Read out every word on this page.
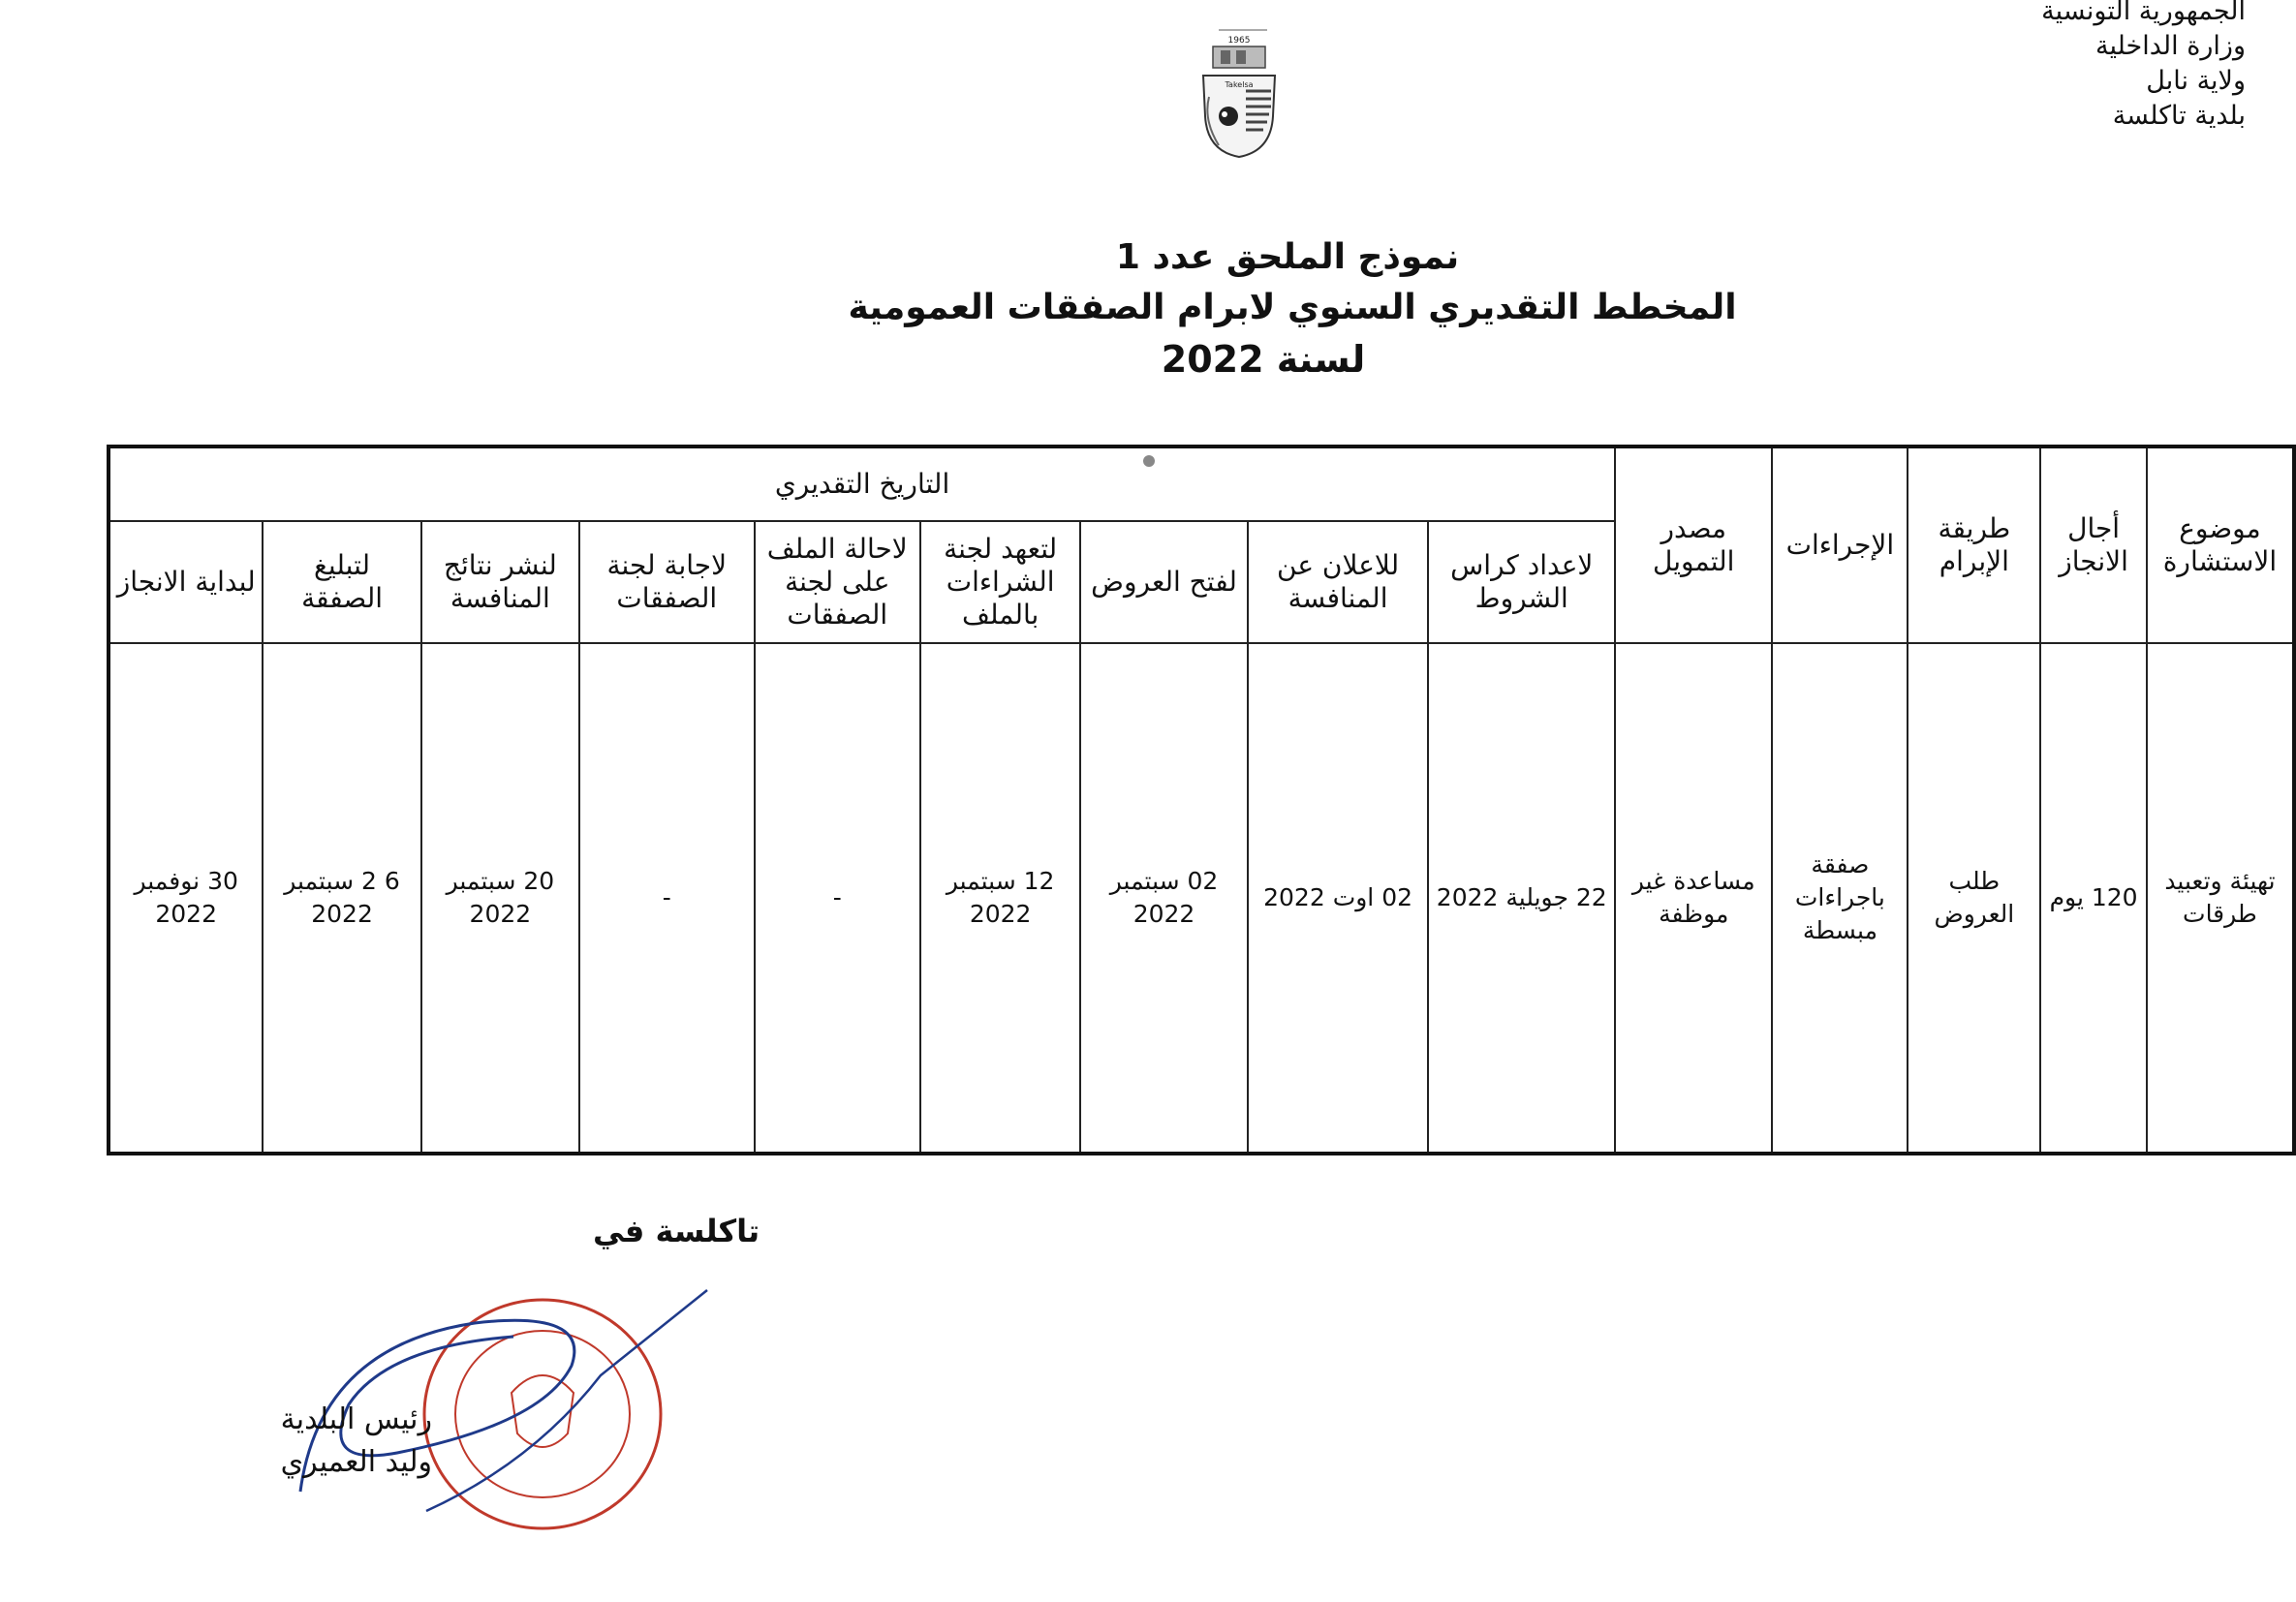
الجمهورية التونسية
وزارة الداخلية
ولاية نابل
بلدية تاكلسة
1965
Takelsa
نموذج الملحق عدد 1
المخطط التقديري السنوي لابرام الصفقات العمومية
لسنة 2022
موضوع الاستشارة	أجال الانجاز	طريقة الإبرام	الإجراءات	مصدر التمويل	التاريخ التقديري								
					لاعداد كراس الشروط	للاعلان عن المنافسة	لفتح العروض	لتعهد لجنة الشراءات بالملف	لاحالة الملف على لجنة الصفقات	لاجابة لجنة الصفقات	لنشر نتائج المنافسة	لتبليغ الصفقة	لبداية الانجاز
تهيئة وتعبيد طرقات	120 يوم	طلب العروض	صفقة باجراءات مبسطة	مساعدة غير موظفة	22 جويلية 2022	02 اوت 2022	02 سبتمبر 2022	12 سبتمبر 2022	-	-	20 سبتمبر 2022	6 2 سبتمبر 2022	30 نوفمبر 2022
تاكلسة في
رئيس البلدية
وليد العميري
